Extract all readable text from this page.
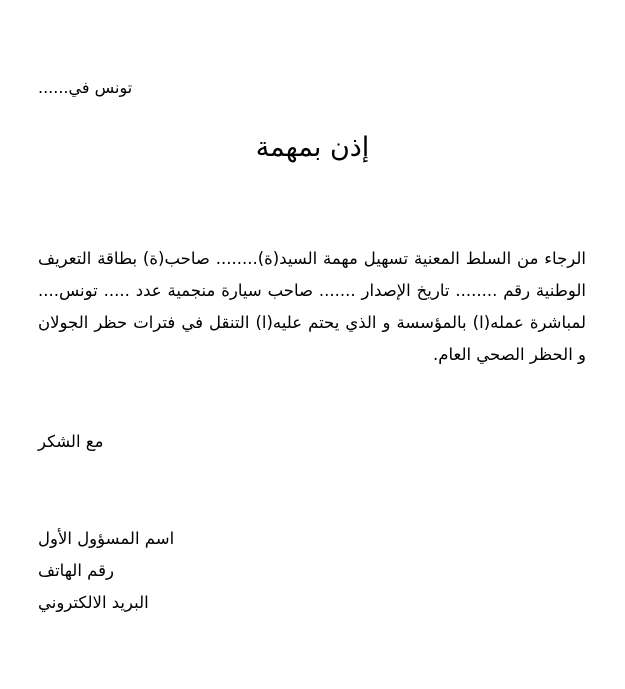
تونس في......
إذن بمهمة

الرجاء من السلط المعنية تسهيل مهمة السيد(ة)........ صاحب(ة) بطاقة التعريف الوطنية رقم ........ تاريخ الإصدار ....... صاحب سيارة منجمية عدد ..... تونس.... لمباشرة عمله(ا) بالمؤسسة و الذي يحتم عليه(ا) التنقل في فترات حظر الجولان و الحظر الصحي العام.

مع الشكر
اسم المسؤول الأول
رقم الهاتف
البريد الالكتروني
